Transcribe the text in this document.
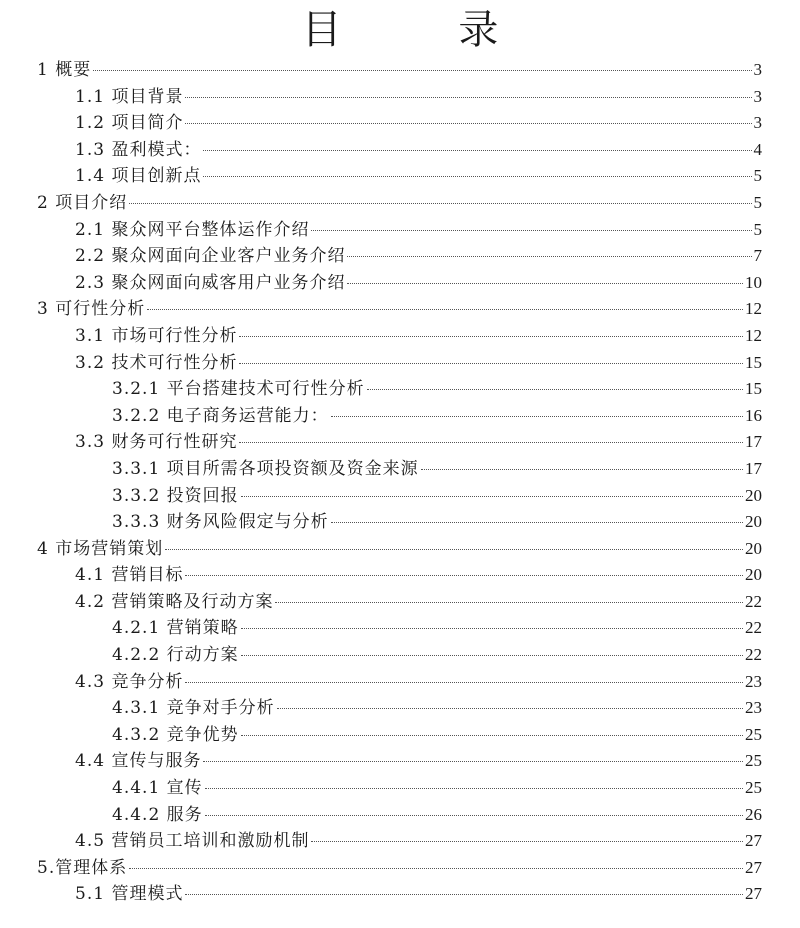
目 录
1 概要	3
1.1 项目背景	3
1.2 项目简介	3
1.3 盈利模式：	4
1.4 项目创新点	5
2 项目介绍	5
2.1 聚众网平台整体运作介绍	5
2.2 聚众网面向企业客户业务介绍	7
2.3 聚众网面向威客用户业务介绍	10
3 可行性分析	12
3.1 市场可行性分析	12
3.2 技术可行性分析	15
3.2.1 平台搭建技术可行性分析	15
3.2.2 电子商务运营能力：	16
3.3 财务可行性研究	17
3.3.1 项目所需各项投资额及资金来源	17
3.3.2 投资回报	20
3.3.3 财务风险假定与分析	20
4 市场营销策划	20
4.1 营销目标	20
4.2 营销策略及行动方案	22
4.2.1 营销策略	22
4.2.2 行动方案	22
4.3 竞争分析	23
4.3.1 竞争对手分析	23
4.3.2 竞争优势	25
4.4 宣传与服务	25
4.4.1 宣传	25
4.4.2 服务	26
4.5 营销员工培训和激励机制	27
5.管理体系	27
5.1 管理模式	27
